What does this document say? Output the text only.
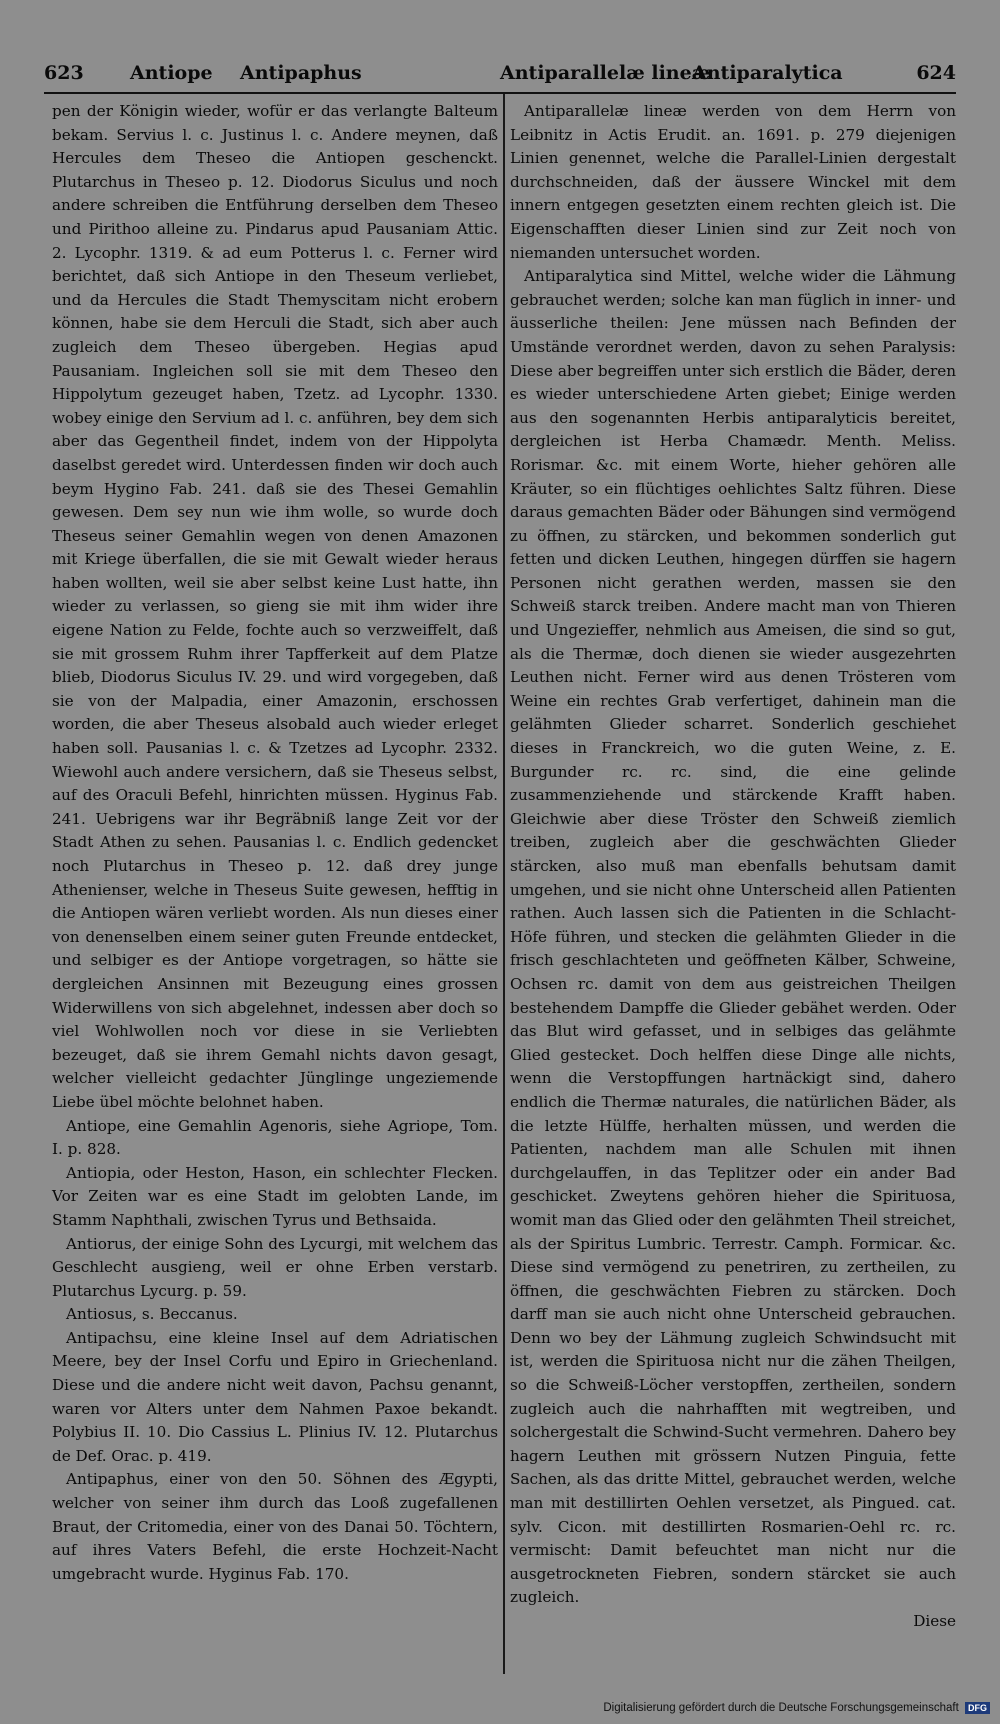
623 Antiope Antipaphus	Antiparallelæ lineæ
Antiparalytica	624

pen der Königin wieder, wofür er das verlangte Balteum bekam. Servius l. c. Justinus l. c. Andere meynen, daß Hercules dem Theseo die Antiopen geschenckt. Plutarchus in Theseo p. 12. Diodorus Siculus und noch andere schreiben die Entführung derselben dem Theseo und Pirithoo alleine zu. Pindarus apud Pausaniam Attic. 2. Lycophr. 1319. & ad eum Potterus l. c. Ferner wird berichtet, daß sich Antiope in den Theseum verliebet, und da Hercules die Stadt Themyscitam nicht erobern können, habe sie dem Herculi die Stadt, sich aber auch zugleich dem Theseo übergeben. Hegias apud Pausaniam. Ingleichen soll sie mit dem Theseo den Hippolytum gezeuget haben, Tzetz. ad Lycophr. 1330. wobey einige den Servium ad l. c. anführen, bey dem sich aber das Gegentheil findet, indem von der Hippolyta daselbst geredet wird. Unterdessen finden wir doch auch beym Hygino Fab. 241. daß sie des Thesei Gemahlin gewesen. Dem sey nun wie ihm wolle, so wurde doch Theseus seiner Gemahlin wegen von denen Amazonen mit Kriege überfallen, die sie mit Gewalt wieder heraus haben wollten, weil sie aber selbst keine Lust hatte, ihn wieder zu verlassen, so gieng sie mit ihm wider ihre eigene Nation zu Felde, fochte auch so verzweiffelt, daß sie mit grossem Ruhm ihrer Tapfferkeit auf dem Platze blieb, Diodorus Siculus IV. 29. und wird vorgegeben, daß sie von der Malpadia, einer Amazonin, erschossen worden, die aber Theseus alsobald auch wieder erleget haben soll. Pausanias l. c. & Tzetzes ad Lycophr. 2332. Wiewohl auch andere versichern, daß sie Theseus selbst, auf des Oraculi Befehl, hinrichten müssen. Hyginus Fab. 241. Uebrigens war ihr Begräbniß lange Zeit vor der Stadt Athen zu sehen. Pausanias l. c. Endlich gedencket noch Plutarchus in Theseo p. 12. daß drey junge Athenienser, welche in Theseus Suite gewesen, hefftig in die Antiopen wären verliebt worden. Als nun dieses einer von denenselben einem seiner guten Freunde entdecket, und selbiger es der Antiope vorgetragen, so hätte sie dergleichen Ansinnen mit Bezeugung eines grossen Widerwillens von sich abgelehnet, indessen aber doch so viel Wohlwollen noch vor diese in sie Verliebten bezeuget, daß sie ihrem Gemahl nichts davon gesagt, welcher vielleicht gedachter Jünglinge ungeziemende Liebe übel möchte belohnet haben.

Antiope, eine Gemahlin Agenoris, siehe Agriope, Tom. I. p. 828.

Antiopia, oder Heston, Hason, ein schlechter Flecken. Vor Zeiten war es eine Stadt im gelobten Lande, im Stamm Naphthali, zwischen Tyrus und Bethsaida.

Antiorus, der einige Sohn des Lycurgi, mit welchem das Geschlecht ausgieng, weil er ohne Erben verstarb. Plutarchus Lycurg. p. 59.

Antiosus, s. Beccanus.

Antipachsu, eine kleine Insel auf dem Adriatischen Meere, bey der Insel Corfu und Epiro in Griechenland. Diese und die andere nicht weit davon, Pachsu genannt, waren vor Alters unter dem Nahmen Paxoe bekandt. Polybius II. 10. Dio Cassius L. Plinius IV. 12. Plutarchus de Def. Orac. p. 419.

Antipaphus, einer von den 50. Söhnen des Ægypti, welcher von seiner ihm durch das Looß zugefallenen Braut, der Critomedia, einer von des Danai 50. Töchtern, auf ihres Vaters Befehl, die erste Hochzeit-Nacht umgebracht wurde. Hyginus Fab. 170.

Antiparallelæ lineæ werden von dem Herrn von Leibnitz in Actis Erudit. an. 1691. p. 279 diejenigen Linien genennet, welche die Parallel-Linien dergestalt durchschneiden, daß der äussere Winckel mit dem innern entgegen gesetzten einem rechten gleich ist. Die Eigenschafften dieser Linien sind zur Zeit noch von niemanden untersuchet worden.

Antiparalytica sind Mittel, welche wider die Lähmung gebrauchet werden; solche kan man füglich in inner- und äusserliche theilen: Jene müssen nach Befinden der Umstände verordnet werden, davon zu sehen Paralysis: Diese aber begreiffen unter sich erstlich die Bäder, deren es wieder unterschiedene Arten giebet; Einige werden aus den sogenannten Herbis antiparalyticis bereitet, dergleichen ist Herba Chamædr. Menth. Meliss. Rorismar. &c. mit einem Worte, hieher gehören alle Kräuter, so ein flüchtiges oehlichtes Saltz führen. Diese daraus gemachten Bäder oder Bähungen sind vermögend zu öffnen, zu stärcken, und bekommen sonderlich gut fetten und dicken Leuthen, hingegen dürffen sie hagern Personen nicht gerathen werden, massen sie den Schweiß starck treiben. Andere macht man von Thieren und Ungezieffer, nehmlich aus Ameisen, die sind so gut, als die Thermæ, doch dienen sie wieder ausgezehrten Leuthen nicht. Ferner wird aus denen Trösteren vom Weine ein rechtes Grab verfertiget, dahinein man die gelähmten Glieder scharret. Sonderlich geschiehet dieses in Franckreich, wo die guten Weine, z. E. Burgunder rc. rc. sind, die eine gelinde zusammenziehende und stärckende Krafft haben. Gleichwie aber diese Tröster den Schweiß ziemlich treiben, zugleich aber die geschwächten Glieder stärcken, also muß man ebenfalls behutsam damit umgehen, und sie nicht ohne Unterscheid allen Patienten rathen. Auch lassen sich die Patienten in die Schlacht-Höfe führen, und stecken die gelähmten Glieder in die frisch geschlachteten und geöffneten Kälber, Schweine, Ochsen rc. damit von dem aus geistreichen Theilgen bestehendem Dampffe die Glieder gebähet werden. Oder das Blut wird gefasset, und in selbiges das gelähmte Glied gestecket. Doch helffen diese Dinge alle nichts, wenn die Verstopffungen hartnäckigt sind, dahero endlich die Thermæ naturales, die natürlichen Bäder, als die letzte Hülffe, herhalten müssen, und werden die Patienten, nachdem man alle Schulen mit ihnen durchgelauffen, in das Teplitzer oder ein ander Bad geschicket. Zweytens gehören hieher die Spirituosa, womit man das Glied oder den gelähmten Theil streichet, als der Spiritus Lumbric. Terrestr. Camph. Formicar. &c. Diese sind vermögend zu penetriren, zu zertheilen, zu öffnen, die geschwächten Fiebren zu stärcken. Doch darff man sie auch nicht ohne Unterscheid gebrauchen. Denn wo bey der Lähmung zugleich Schwindsucht mit ist, werden die Spirituosa nicht nur die zähen Theilgen, so die Schweiß-Löcher verstopffen, zertheilen, sondern zugleich auch die nahrhafften mit wegtreiben, und solchergestalt die Schwind-Sucht vermehren. Dahero bey hagern Leuthen mit grössern Nutzen Pinguia, fette Sachen, als das dritte Mittel, gebrauchet werden, welche man mit destillirten Oehlen versetzet, als Pingued. cat. sylv. Cicon. mit destillirten Rosmarien-Oehl rc. rc. vermischt: Damit befeuchtet man nicht nur die ausgetrockneten Fiebren, sondern stärcket sie auch zugleich.

Diese

Digitalisierung gefördert durch die Deutsche Forschungsgemeinschaft DFG
